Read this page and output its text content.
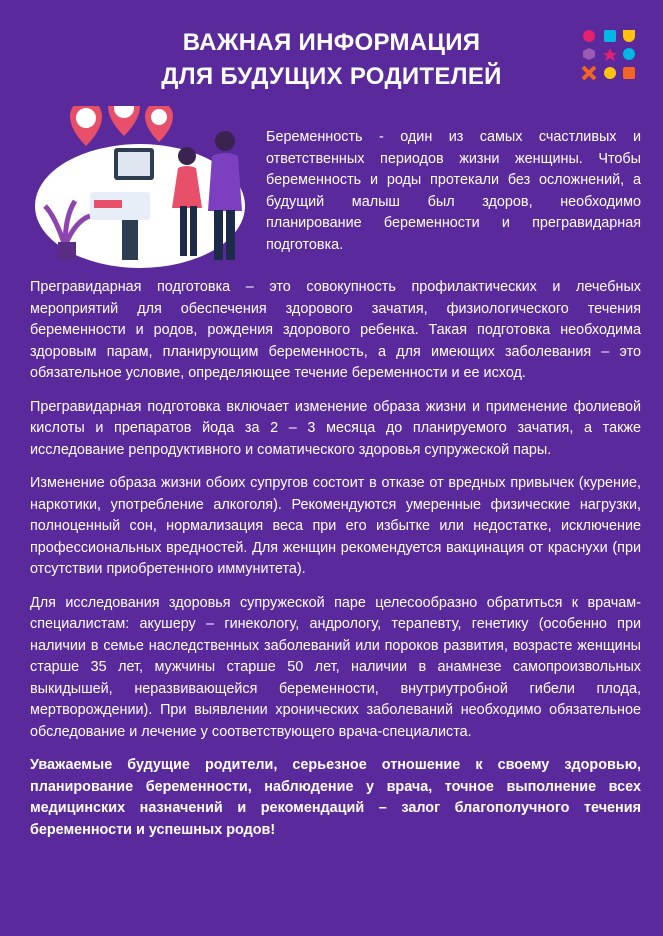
ВАЖНАЯ ИНФОРМАЦИЯ
ДЛЯ БУДУЩИХ РОДИТЕЛЕЙ
Беременность - один из самых счастливых и ответственных периодов жизни женщины. Чтобы беременность и роды протекали без осложнений, а будущий малыш был здоров, необходимо планирование беременности и прегравидарная подготовка.

Прегравидарная подготовка – это совокупность профилактических и лечебных мероприятий для обеспечения здорового зачатия, физиологического течения беременности и родов, рождения здорового ребенка. Такая подготовка необходима здоровым парам, планирующим беременность, а для имеющих заболевания – это обязательное условие, определяющее течение беременности и ее исход.

Прегравидарная подготовка включает изменение образа жизни и применение фолиевой кислоты и препаратов йода за 2 – 3 месяца до планируемого зачатия, а также исследование репродуктивного и соматического здоровья супружеской пары.

Изменение образа жизни обоих супругов состоит в отказе от вредных привычек (курение, наркотики, употребление алкоголя). Рекомендуются умеренные физические нагрузки, полноценный сон, нормализация веса при его избытке или недостатке, исключение профессиональных вредностей. Для женщин рекомендуется вакцинация от краснухи (при отсутствии приобретенного иммунитета).

Для исследования здоровья супружеской паре целесообразно обратиться к врачам-специалистам: акушеру – гинекологу, андрологу, терапевту, генетику (особенно при наличии в семье наследственных заболеваний или пороков развития, возрасте женщины старше 35 лет, мужчины старше 50 лет, наличии в анамнезе самопроизвольных выкидышей, неразвивающейся беременности, внутриутробной гибели плода, мертворождении). При выявлении хронических заболеваний необходимо обязательное обследование и лечение у соответствующего врача-специалиста.

Уважаемые будущие родители, серьезное отношение к своему здоровью, планирование беременности, наблюдение у врача, точное выполнение всех медицинских назначений и рекомендаций – залог благополучного течения беременности и успешных родов!
